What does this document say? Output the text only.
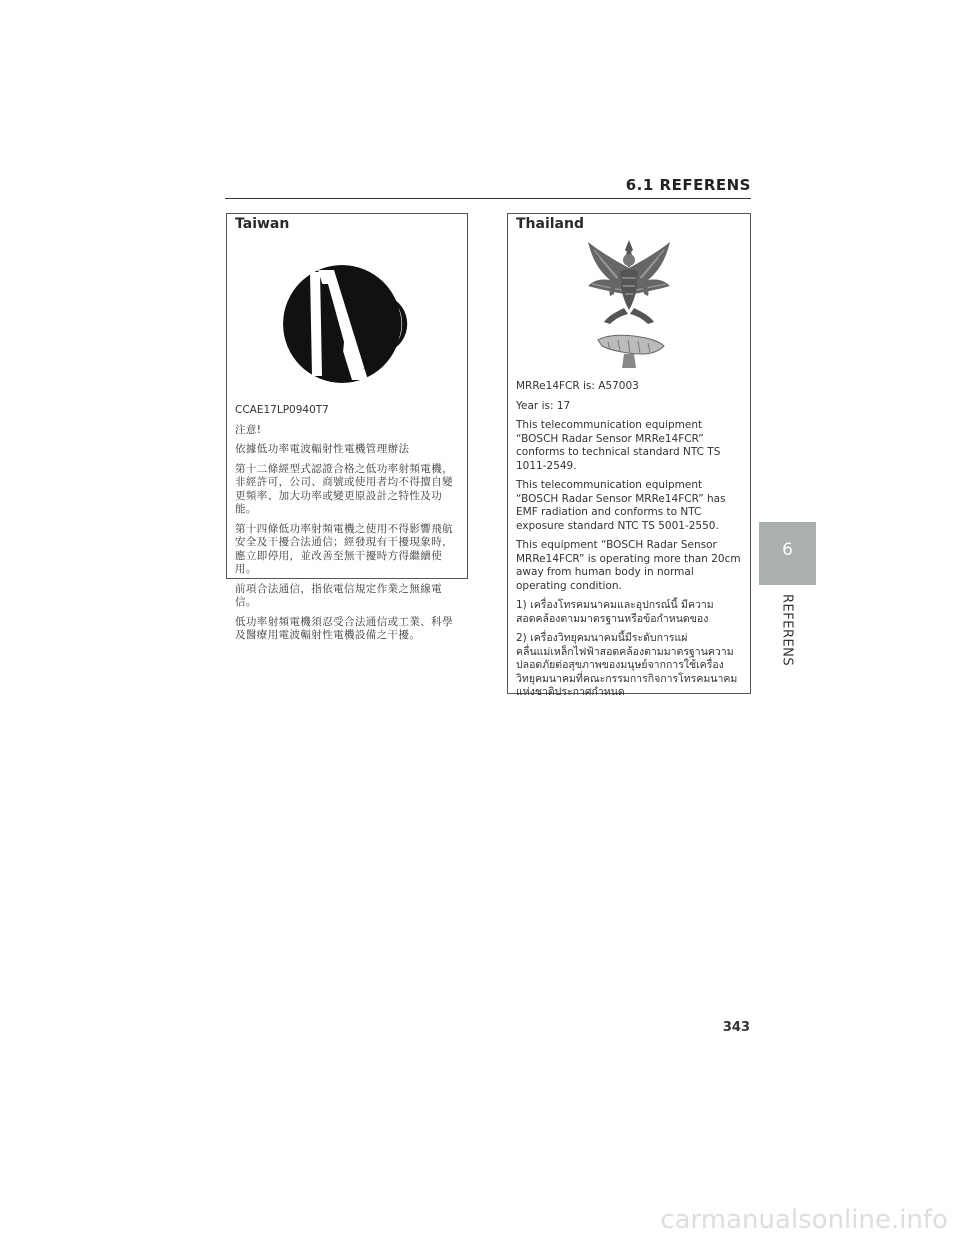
6.1 REFERENS
Taiwan

CCAE17LP0940T7

注意!

依據低功率電波輻射性電機管理辦法

第十二條經型式認證合格之低功率射頻電機，非經許可，公司、商號或使用者均不得擅自變更頻率、加大功率或變更原設計之特性及功能。

第十四條低功率射頻電機之使用不得影響飛航安全及干擾合法通信；經發現有干擾現象時，應立即停用，並改善至無干擾時方得繼續使用。

前項合法通信，指依電信規定作業之無線電信。

低功率射頻電機須忍受合法通信或工業、科學及醫療用電波輻射性電機設備之干擾。

Thailand

MRRe14FCR is: A57003

Year is: 17

This telecommunication equipment “BOSCH Radar Sensor MRRe14FCR” conforms to technical standard NTC TS 1011-2549.

This telecommunication equipment “BOSCH Radar Sensor MRRe14FCR” has EMF radiation and conforms to NTC exposure standard NTC TS 5001-2550.

This equipment “BOSCH Radar Sensor MRRe14FCR” is operating more than 20cm away from human body in normal operating condition.

1) เครื่องโทรคมนาคมและอุปกรณ์นี้ มีความสอดคล้องตามมาตรฐานหรือข้อกำหนดของ

2) เครื่องวิทยุคมนาคมนี้มีระดับการแผ่คลื่นแม่เหล็กไฟฟ้าสอดคล้องตามมาตรฐานความปลอดภัยต่อสุขภาพของมนุษย์จากการใช้เครื่องวิทยุคมนาคมที่คณะกรรมการกิจการโทรคมนาคมแห่งชาติประกาศกำหนด

6
REFERENS
343
carmanualsonline.info
